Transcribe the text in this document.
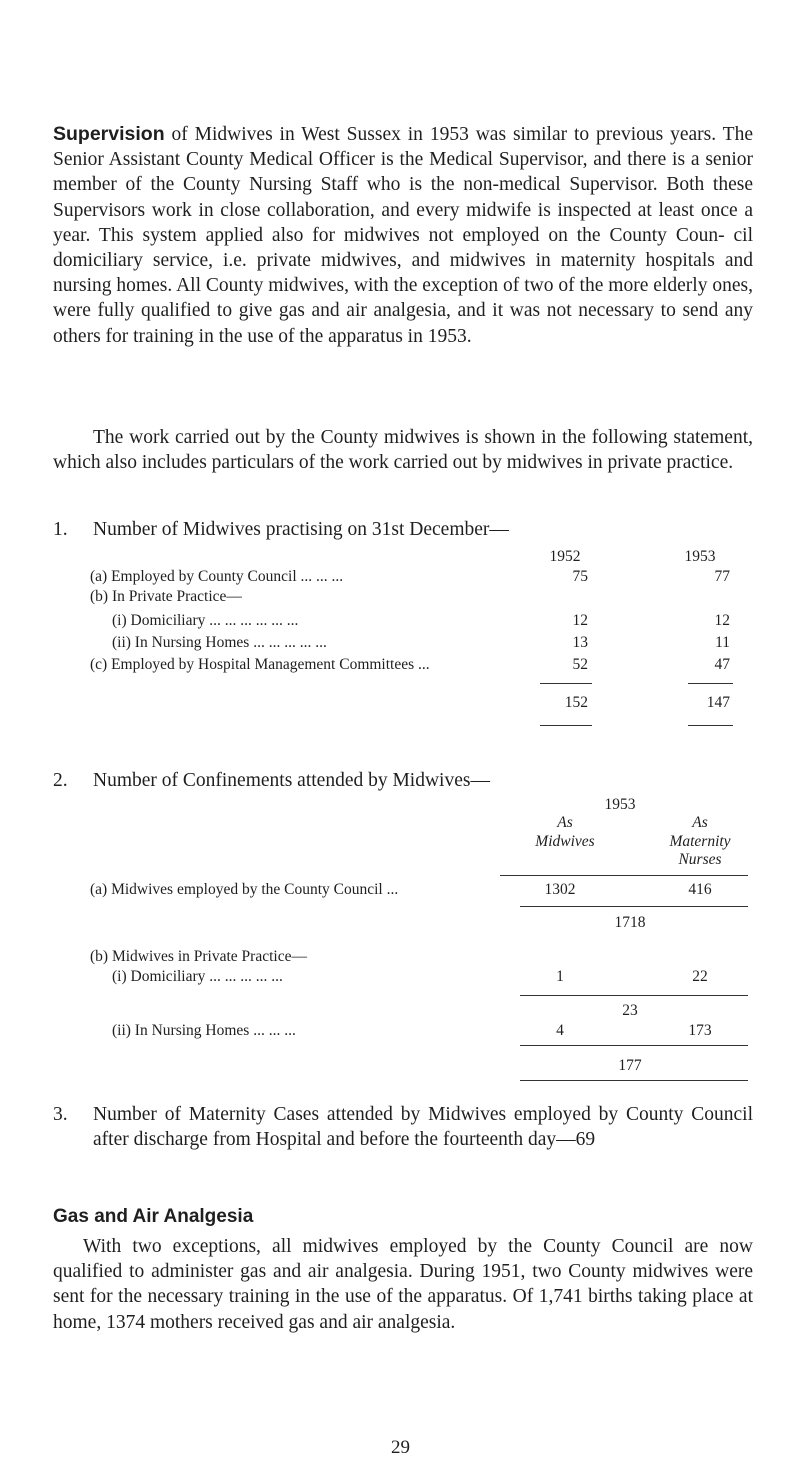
Supervision of Midwives in West Sussex in 1953 was similar to previous years. The Senior Assistant County Medical Officer is the Medical Supervisor, and there is a senior member of the County Nursing Staff who is the non-medical Supervisor. Both these Supervisors work in close collaboration, and every midwife is inspected at least once a year. This system applied also for midwives not employed on the County Coun- cil domiciliary service, i.e. private midwives, and midwives in maternity hospitals and nursing homes. All County midwives, with the exception of two of the more elderly ones, were fully qualified to give gas and air analgesia, and it was not necessary to send any others for training in the use of the apparatus in 1953.

The work carried out by the County midwives is shown in the following statement, which also includes particulars of the work carried out by midwives in private practice.

1. Number of Midwives practising on 31st December—
1952	1953
(a) Employed by County Council ... ... ...	75	77
(b) In Private Practice—
(i) Domiciliary ... ... ... ... ... ...	12	12
(ii) In Nursing Homes ... ... ... ... ...	13	11
(c) Employed by Hospital Management Committees ...	52	47
152	147
2. Number of Confinements attended by Midwives—
1953
As	As
Midwives	Maternity
Nurses
(a) Midwives employed by the County Council ...	1302	416
1718
(b) Midwives in Private Practice—
(i) Domiciliary ... ... ... ... ...	1	22
23
(ii) In Nursing Homes ... ... ...	4	173
177
3.	Number of Maternity Cases attended by Midwives employed by County Council after discharge from Hospital and before the fourteenth day—69
Gas and Air Analgesia

With two exceptions, all midwives employed by the County Council are now qualified to administer gas and air analgesia. During 1951, two County midwives were sent for the necessary training in the use of the apparatus. Of 1,741 births taking place at home, 1374 mothers received gas and air analgesia.

29
